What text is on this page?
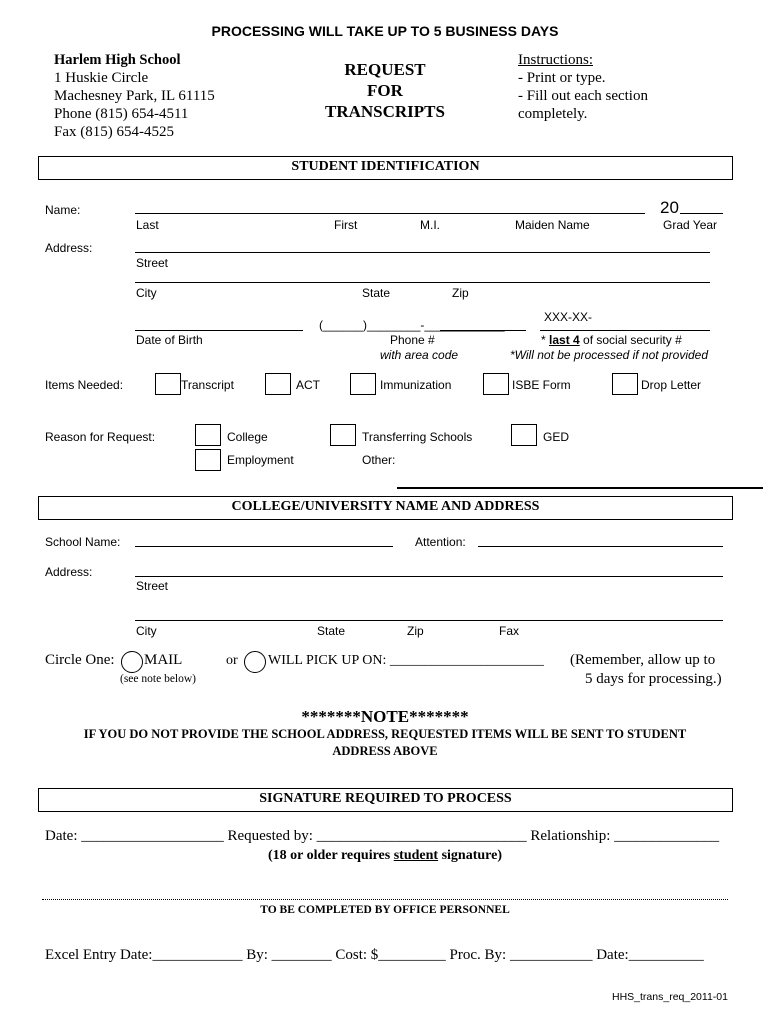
PROCESSING WILL TAKE UP TO 5 BUSINESS DAYS
Harlem High School
1 Huskie Circle
Machesney Park, IL 61115
Phone (815) 654-4511
Fax (815) 654-4525
REQUEST
FOR
TRANSCRIPTS
Instructions:
- Print or type.
- Fill out each section
completely.
STUDENT IDENTIFICATION
Name:	20
Last	First	M.I.	Maiden Name	Grad Year
Address:
Street
City	State	Zip
(______)________-____________
XXX-XX-
Date of Birth	Phone #
with area code
* last 4 of social security #
*Will not be processed if not provided
Items Needed:	Transcript	ACT	Immunization	ISBE Form	Drop Letter
Reason for Request:	College	Transferring Schools	GED
Employment	Other:
COLLEGE/UNIVERSITY NAME AND ADDRESS
School Name:	Attention:
Address:
Street
City	State	Zip	Fax
Circle One: MAIL	or WILL PICK UP ON: ______________________ (Remember, allow up to
(see note below)	5 days for processing.)
*******NOTE*******
IF YOU DO NOT PROVIDE THE SCHOOL ADDRESS, REQUESTED ITEMS WILL BE SENT TO STUDENT
ADDRESS ABOVE
SIGNATURE REQUIRED TO PROCESS
Date: ___________________ Requested by: ____________________________ Relationship: ______________
(18 or older requires student signature)
TO BE COMPLETED BY OFFICE PERSONNEL
Excel Entry Date:____________ By: ________ Cost: $_________ Proc. By: ___________ Date:__________
HHS_trans_req_2011-01
